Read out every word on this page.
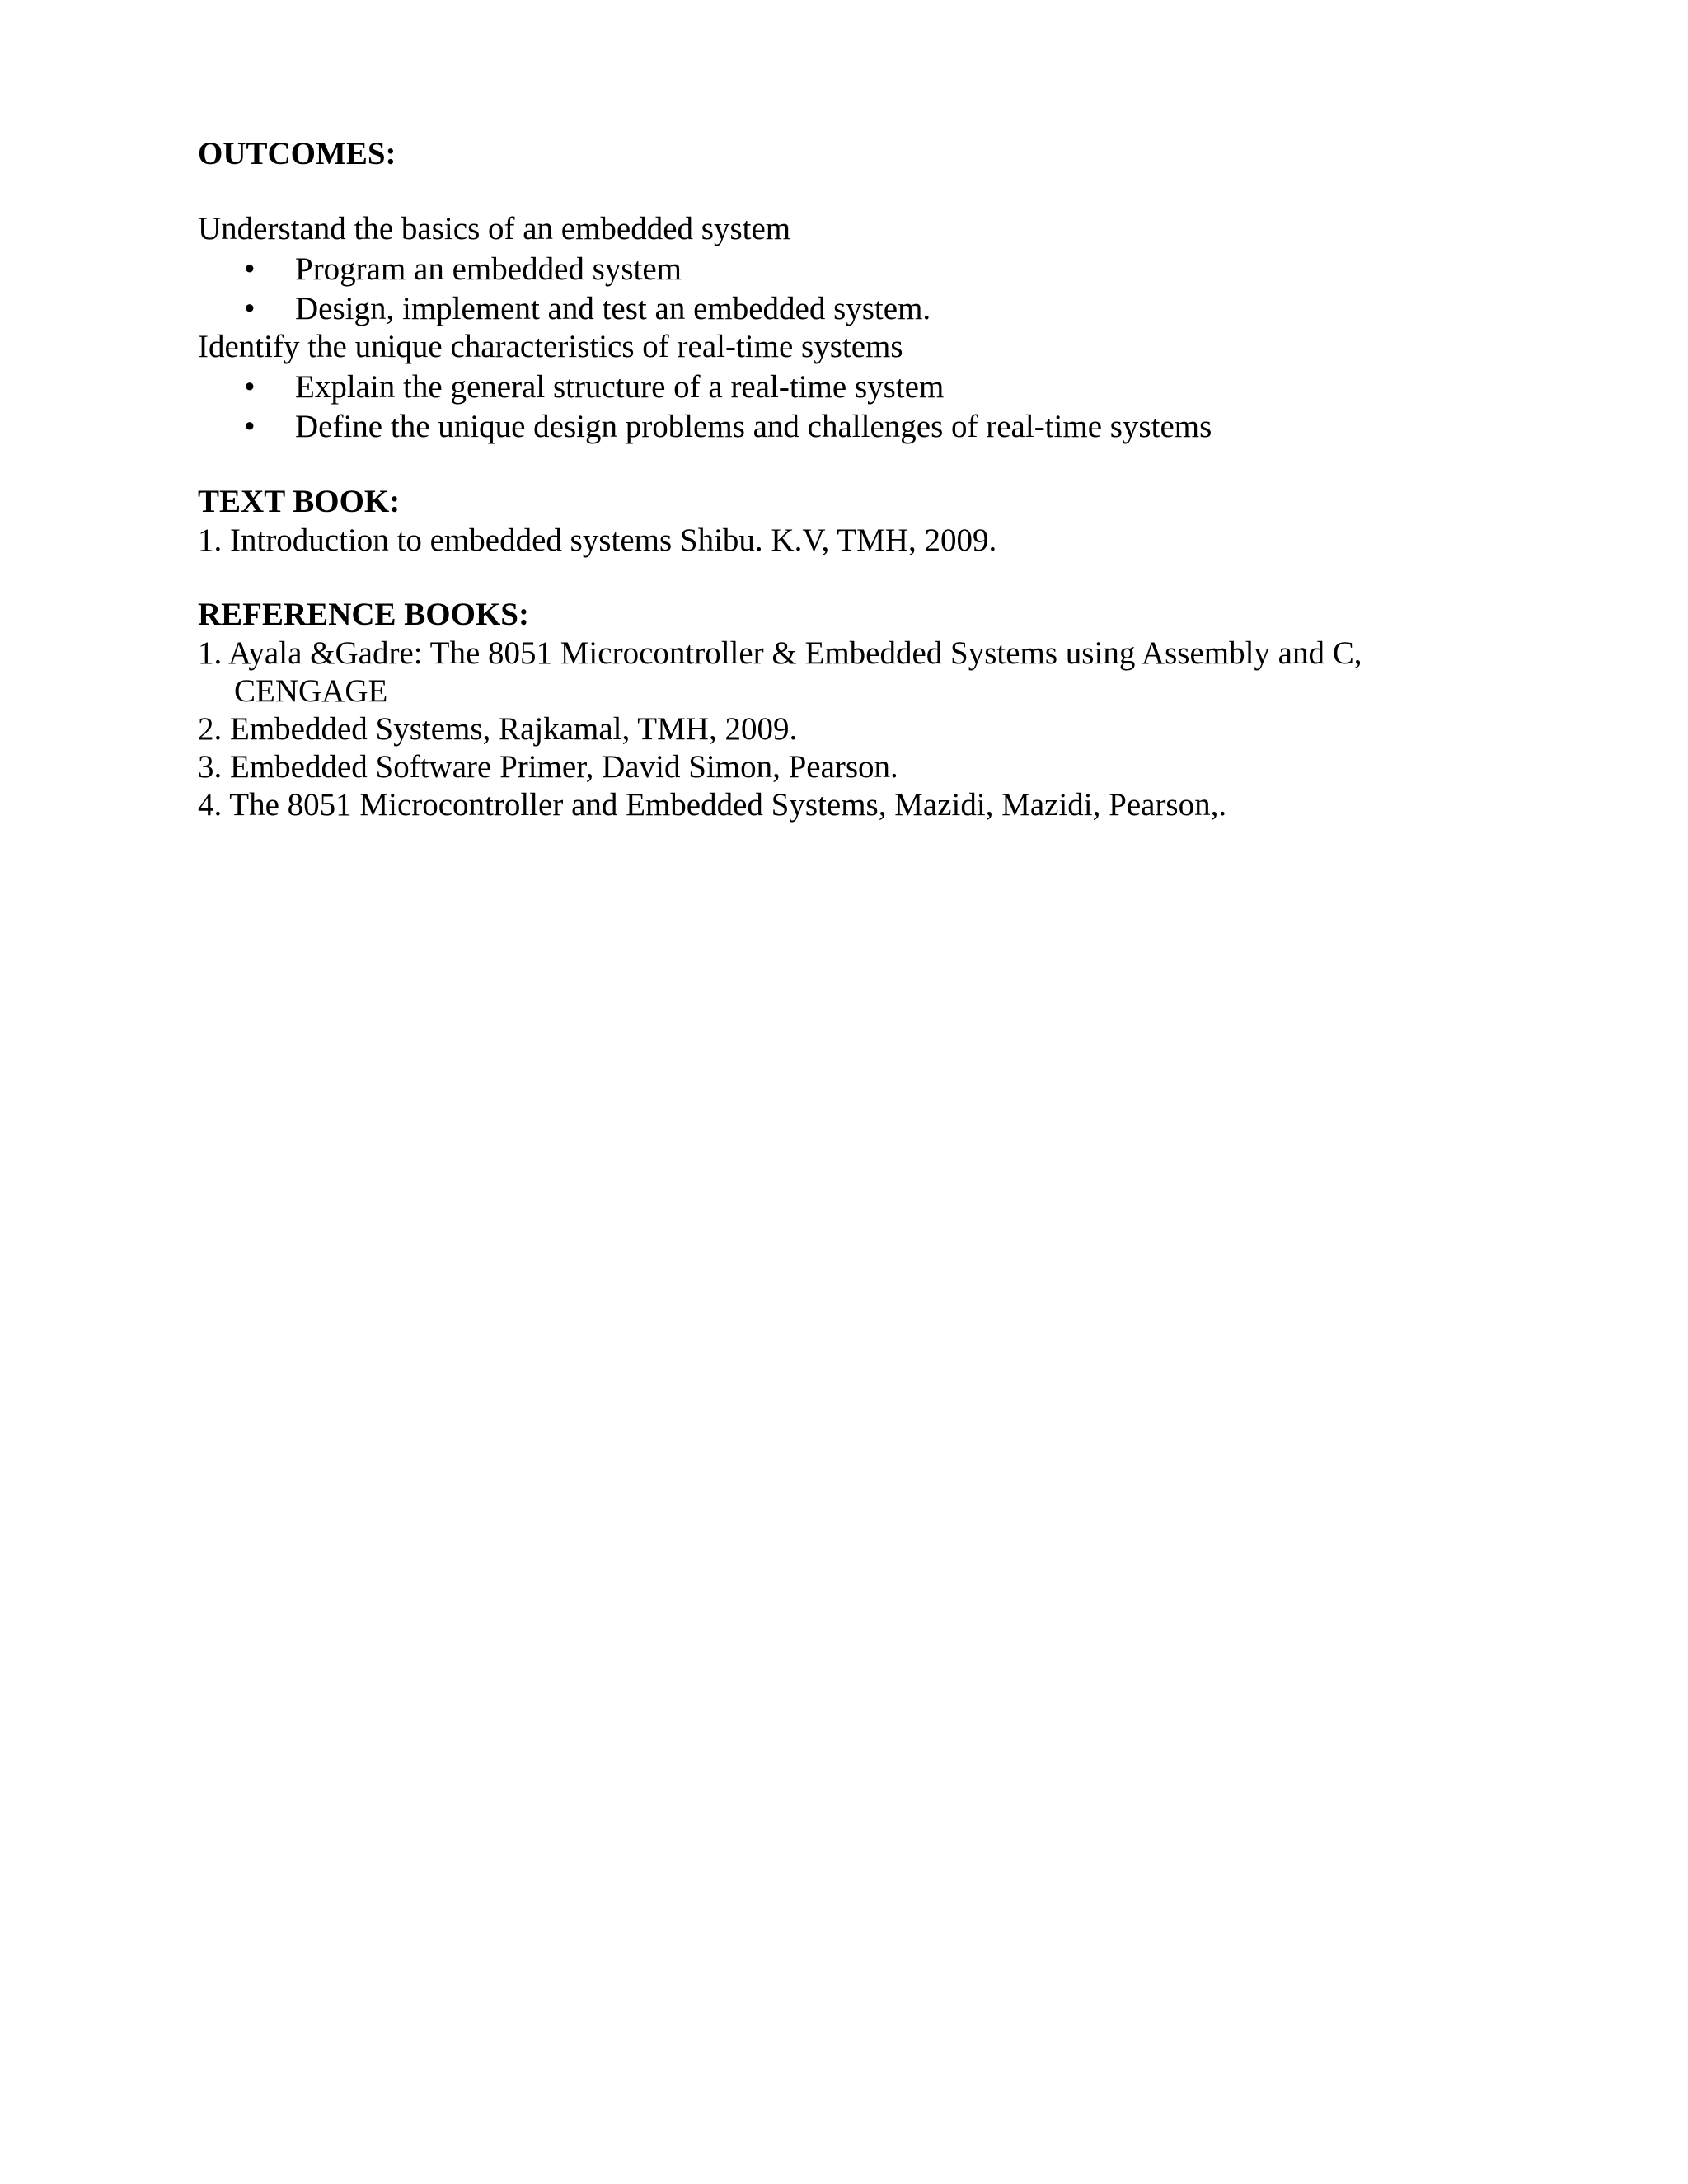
OUTCOMES:
Understand the basics of an embedded system
• Program an embedded system
• Design, implement and test an embedded system.
Identify the unique characteristics of real-time systems
• Explain the general structure of a real-time system
• Define the unique design problems and challenges of real-time systems
TEXT BOOK:
1. Introduction to embedded systems Shibu. K.V, TMH, 2009.
REFERENCE BOOKS:
1. Ayala &Gadre: The 8051 Microcontroller & Embedded Systems using Assembly and C,
CENGAGE
2. Embedded Systems, Rajkamal, TMH, 2009.
3. Embedded Software Primer, David Simon, Pearson.
4. The 8051 Microcontroller and Embedded Systems, Mazidi, Mazidi, Pearson,.
